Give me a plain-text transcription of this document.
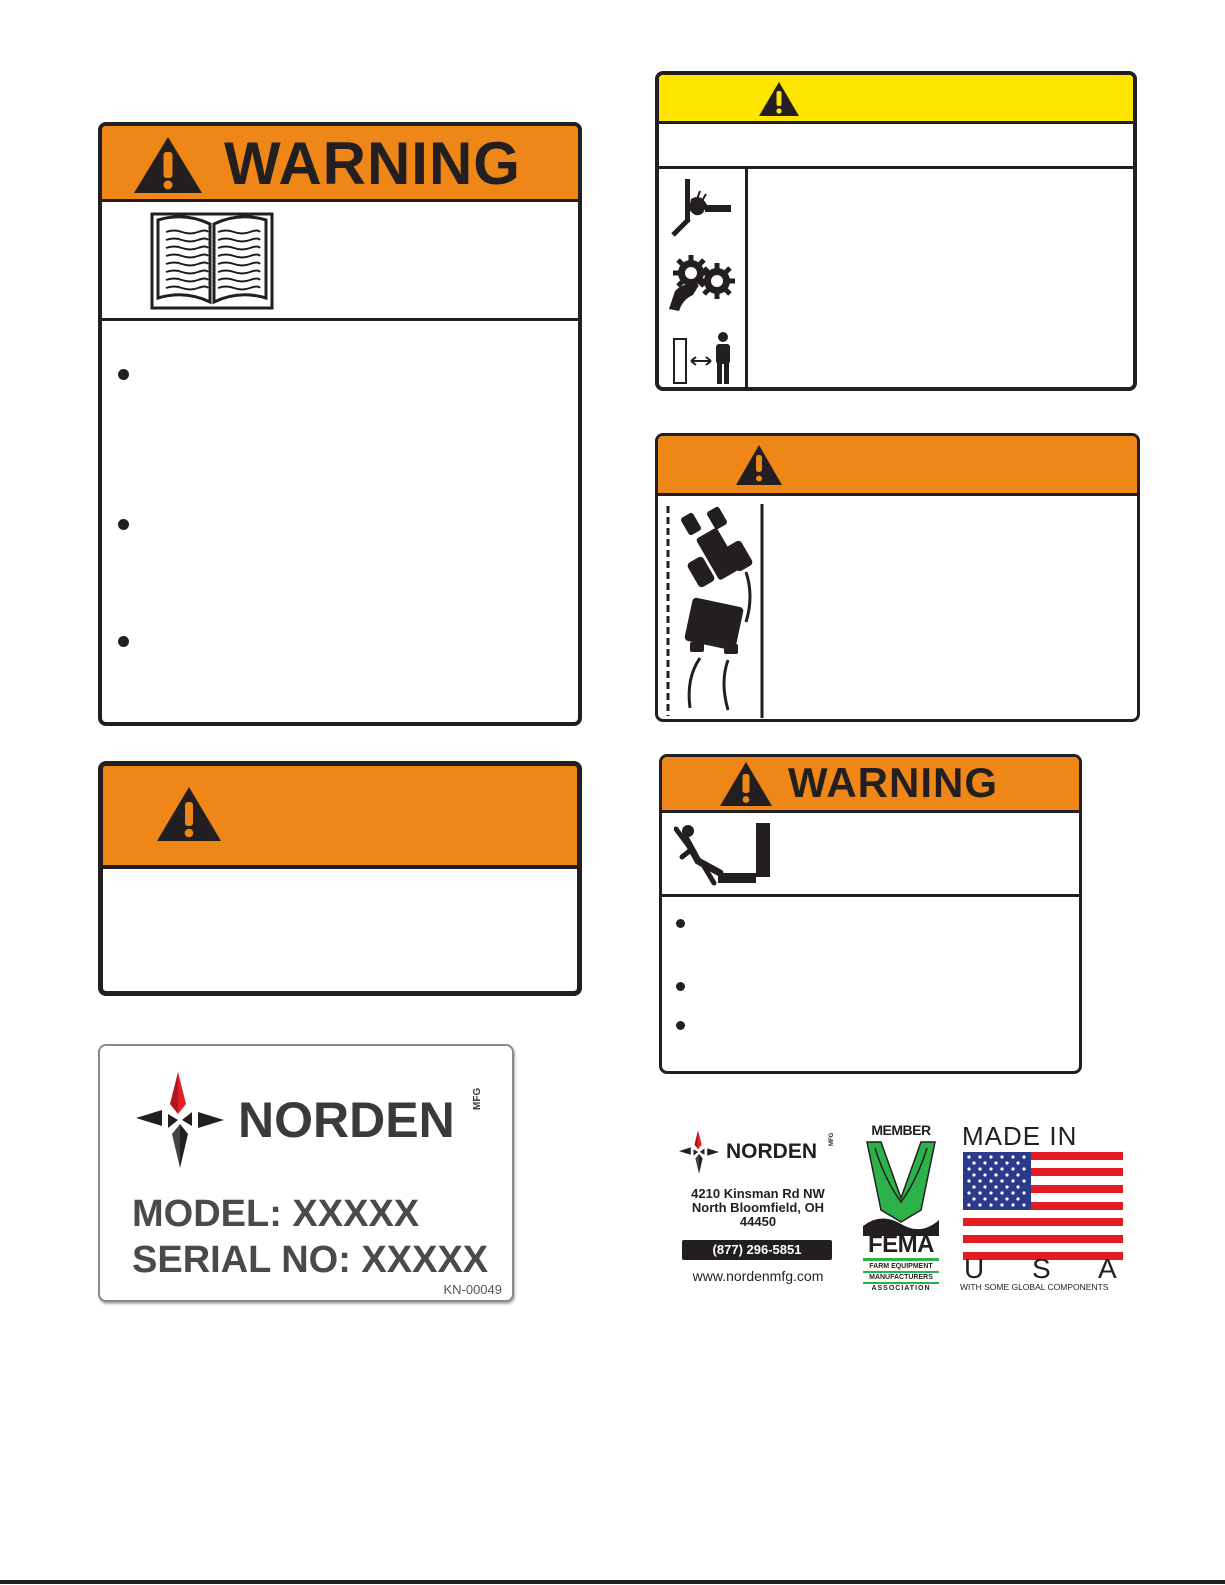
WARNING
WARNING
NORDEN MFG
MODEL: XXXXX
SERIAL NO: XXXXX
KN-00049
NORDEN
MFG
4210 Kinsman Rd NW
North Bloomfield, OH
44450
(877) 296-5851
www.nordenmfg.com
MEMBER
FEMA
FARM EQUIPMENT
MANUFACTURERS
ASSOCIATION
MADE IN
U S A
WITH SOME GLOBAL COMPONENTS
